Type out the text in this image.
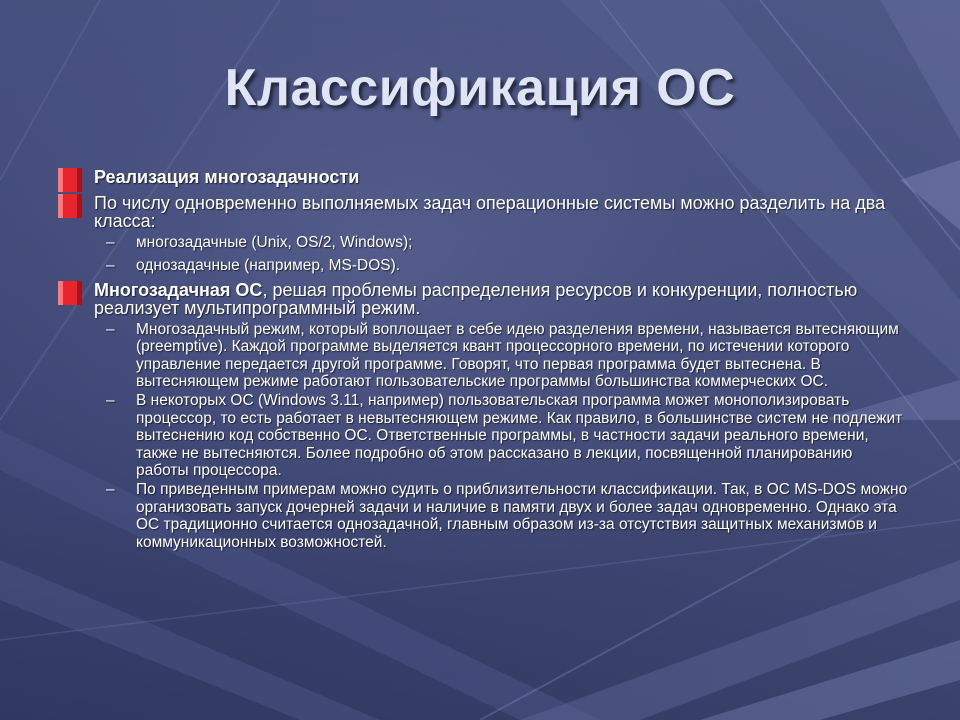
Классификация ОС
Реализация многозадачности
По числу одновременно выполняемых задач операционные системы можно разделить на два класса:
– многозадачные (Unix, OS/2, Windows);
– однозадачные (например, MS-DOS).
Многозадачная ОС, решая проблемы распределения ресурсов и конкуренции, полностью реализует мультипрограммный режим.
– Многозадачный режим, который воплощает в себе идею разделения времени, называется вытесняющим (preemptive). Каждой программе выделяется квант процессорного времени, по истечении которого управление передается другой программе. Говорят, что первая программа будет вытеснена. В вытесняющем режиме работают пользовательские программы большинства коммерческих ОС.
– В некоторых ОС (Windows 3.11, например) пользовательская программа может монополизировать процессор, то есть работает в невытесняющем режиме. Как правило, в большинстве систем не подлежит вытеснению код собственно ОС. Ответственные программы, в частности задачи реального времени, также не вытесняются. Более подробно об этом рассказано в лекции, посвященной планированию работы процессора.
– По приведенным примерам можно судить о приблизительности классификации. Так, в ОС MS-DOS можно организовать запуск дочерней задачи и наличие в памяти двух и более задач одновременно. Однако эта ОС традиционно считается однозадачной, главным образом из-за отсутствия защитных механизмов и коммуникационных возможностей.
